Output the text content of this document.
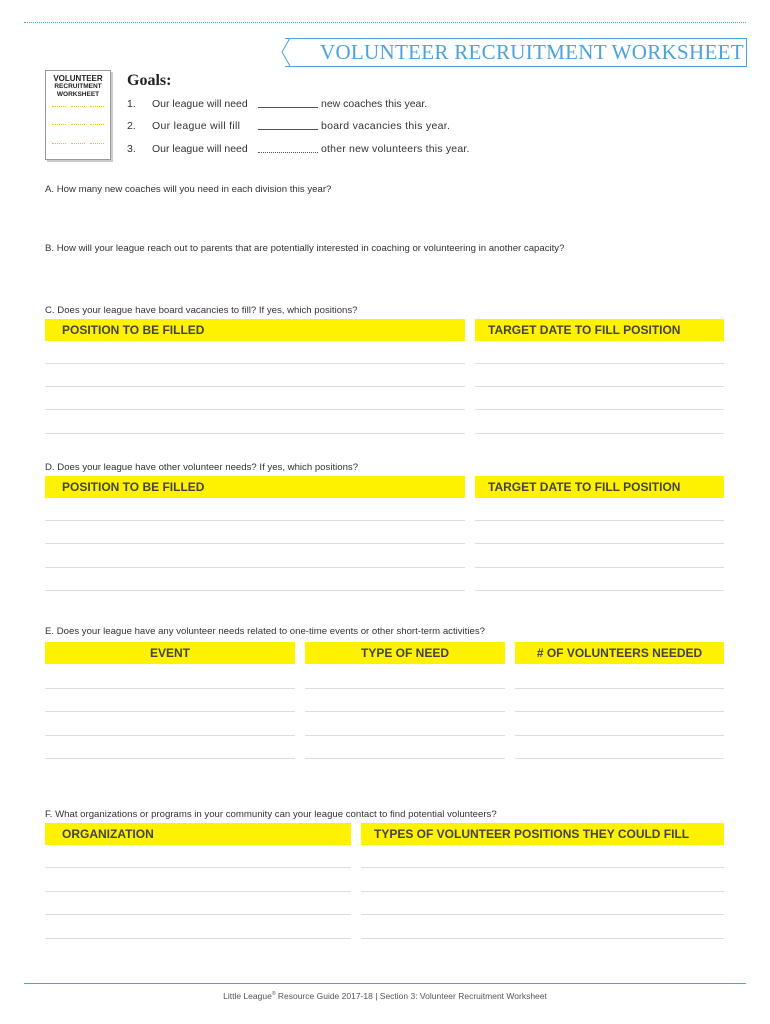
VOLUNTEER RECRUITMENT WORKSHEET
VOLUNTEER
RECRUITMENT
WORKSHEET
Goals:
1. Our league will need	new coaches this year.
2. Our league will fill	board vacancies this year.
3. Our league will need	other new volunteers this year.
A. How many new coaches will you need in each division this year?
B. How will your league reach out to parents that are potentially interested in coaching or volunteering in another capacity?
C. Does your league have board vacancies to fill? If yes, which positions?
POSITION TO BE FILLED	TARGET DATE TO FILL POSITION
D. Does your league have other volunteer needs? If yes, which positions?
POSITION TO BE FILLED	TARGET DATE TO FILL POSITION
E. Does your league have any volunteer needs related to one-time events or other short-term activities?
EVENT	TYPE OF NEED	# OF VOLUNTEERS NEEDED
F. What organizations or programs in your community can your league contact to find potential volunteers?
ORGANIZATION	TYPES OF VOLUNTEER POSITIONS THEY COULD FILL
Little League® Resource Guide 2017-18 | Section 3: Volunteer Recruitment Worksheet
